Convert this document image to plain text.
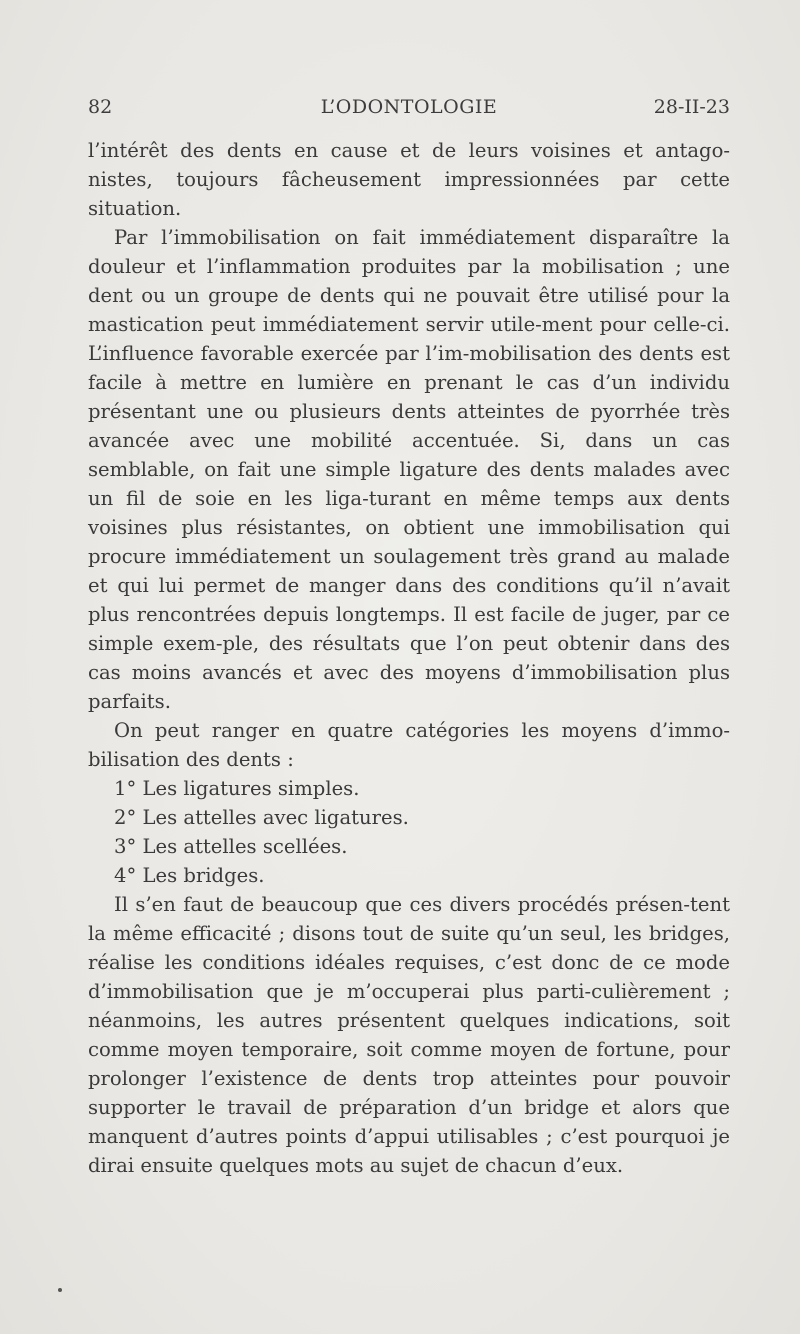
82	L’ODONTOLOGIE	28-II-23

l’intérêt des dents en cause et de leurs voisines et antago-nistes, toujours fâcheusement impressionnées par cette situation.

Par l’immobilisation on fait immédiatement disparaître la douleur et l’inflammation produites par la mobilisation ; une dent ou un groupe de dents qui ne pouvait être utilisé pour la mastication peut immédiatement servir utile-ment pour celle-ci. L’influence favorable exercée par l’im-mobilisation des dents est facile à mettre en lumière en prenant le cas d’un individu présentant une ou plusieurs dents atteintes de pyorrhée très avancée avec une mobilité accentuée. Si, dans un cas semblable, on fait une simple ligature des dents malades avec un fil de soie en les liga-turant en même temps aux dents voisines plus résistantes, on obtient une immobilisation qui procure immédiatement un soulagement très grand au malade et qui lui permet de manger dans des conditions qu’il n’avait plus rencontrées depuis longtemps. Il est facile de juger, par ce simple exem-ple, des résultats que l’on peut obtenir dans des cas moins avancés et avec des moyens d’immobilisation plus parfaits.

On peut ranger en quatre catégories les moyens d’immo-bilisation des dents :

1° Les ligatures simples.
2° Les attelles avec ligatures.
3° Les attelles scellées.
4° Les bridges.

Il s’en faut de beaucoup que ces divers procédés présen-tent la même efficacité ; disons tout de suite qu’un seul, les bridges, réalise les conditions idéales requises, c’est donc de ce mode d’immobilisation que je m’occuperai plus parti-culièrement ; néanmoins, les autres présentent quelques indications, soit comme moyen temporaire, soit comme moyen de fortune, pour prolonger l’existence de dents trop atteintes pour pouvoir supporter le travail de préparation d’un bridge et alors que manquent d’autres points d’appui utilisables ; c’est pourquoi je dirai ensuite quelques mots au sujet de chacun d’eux.
